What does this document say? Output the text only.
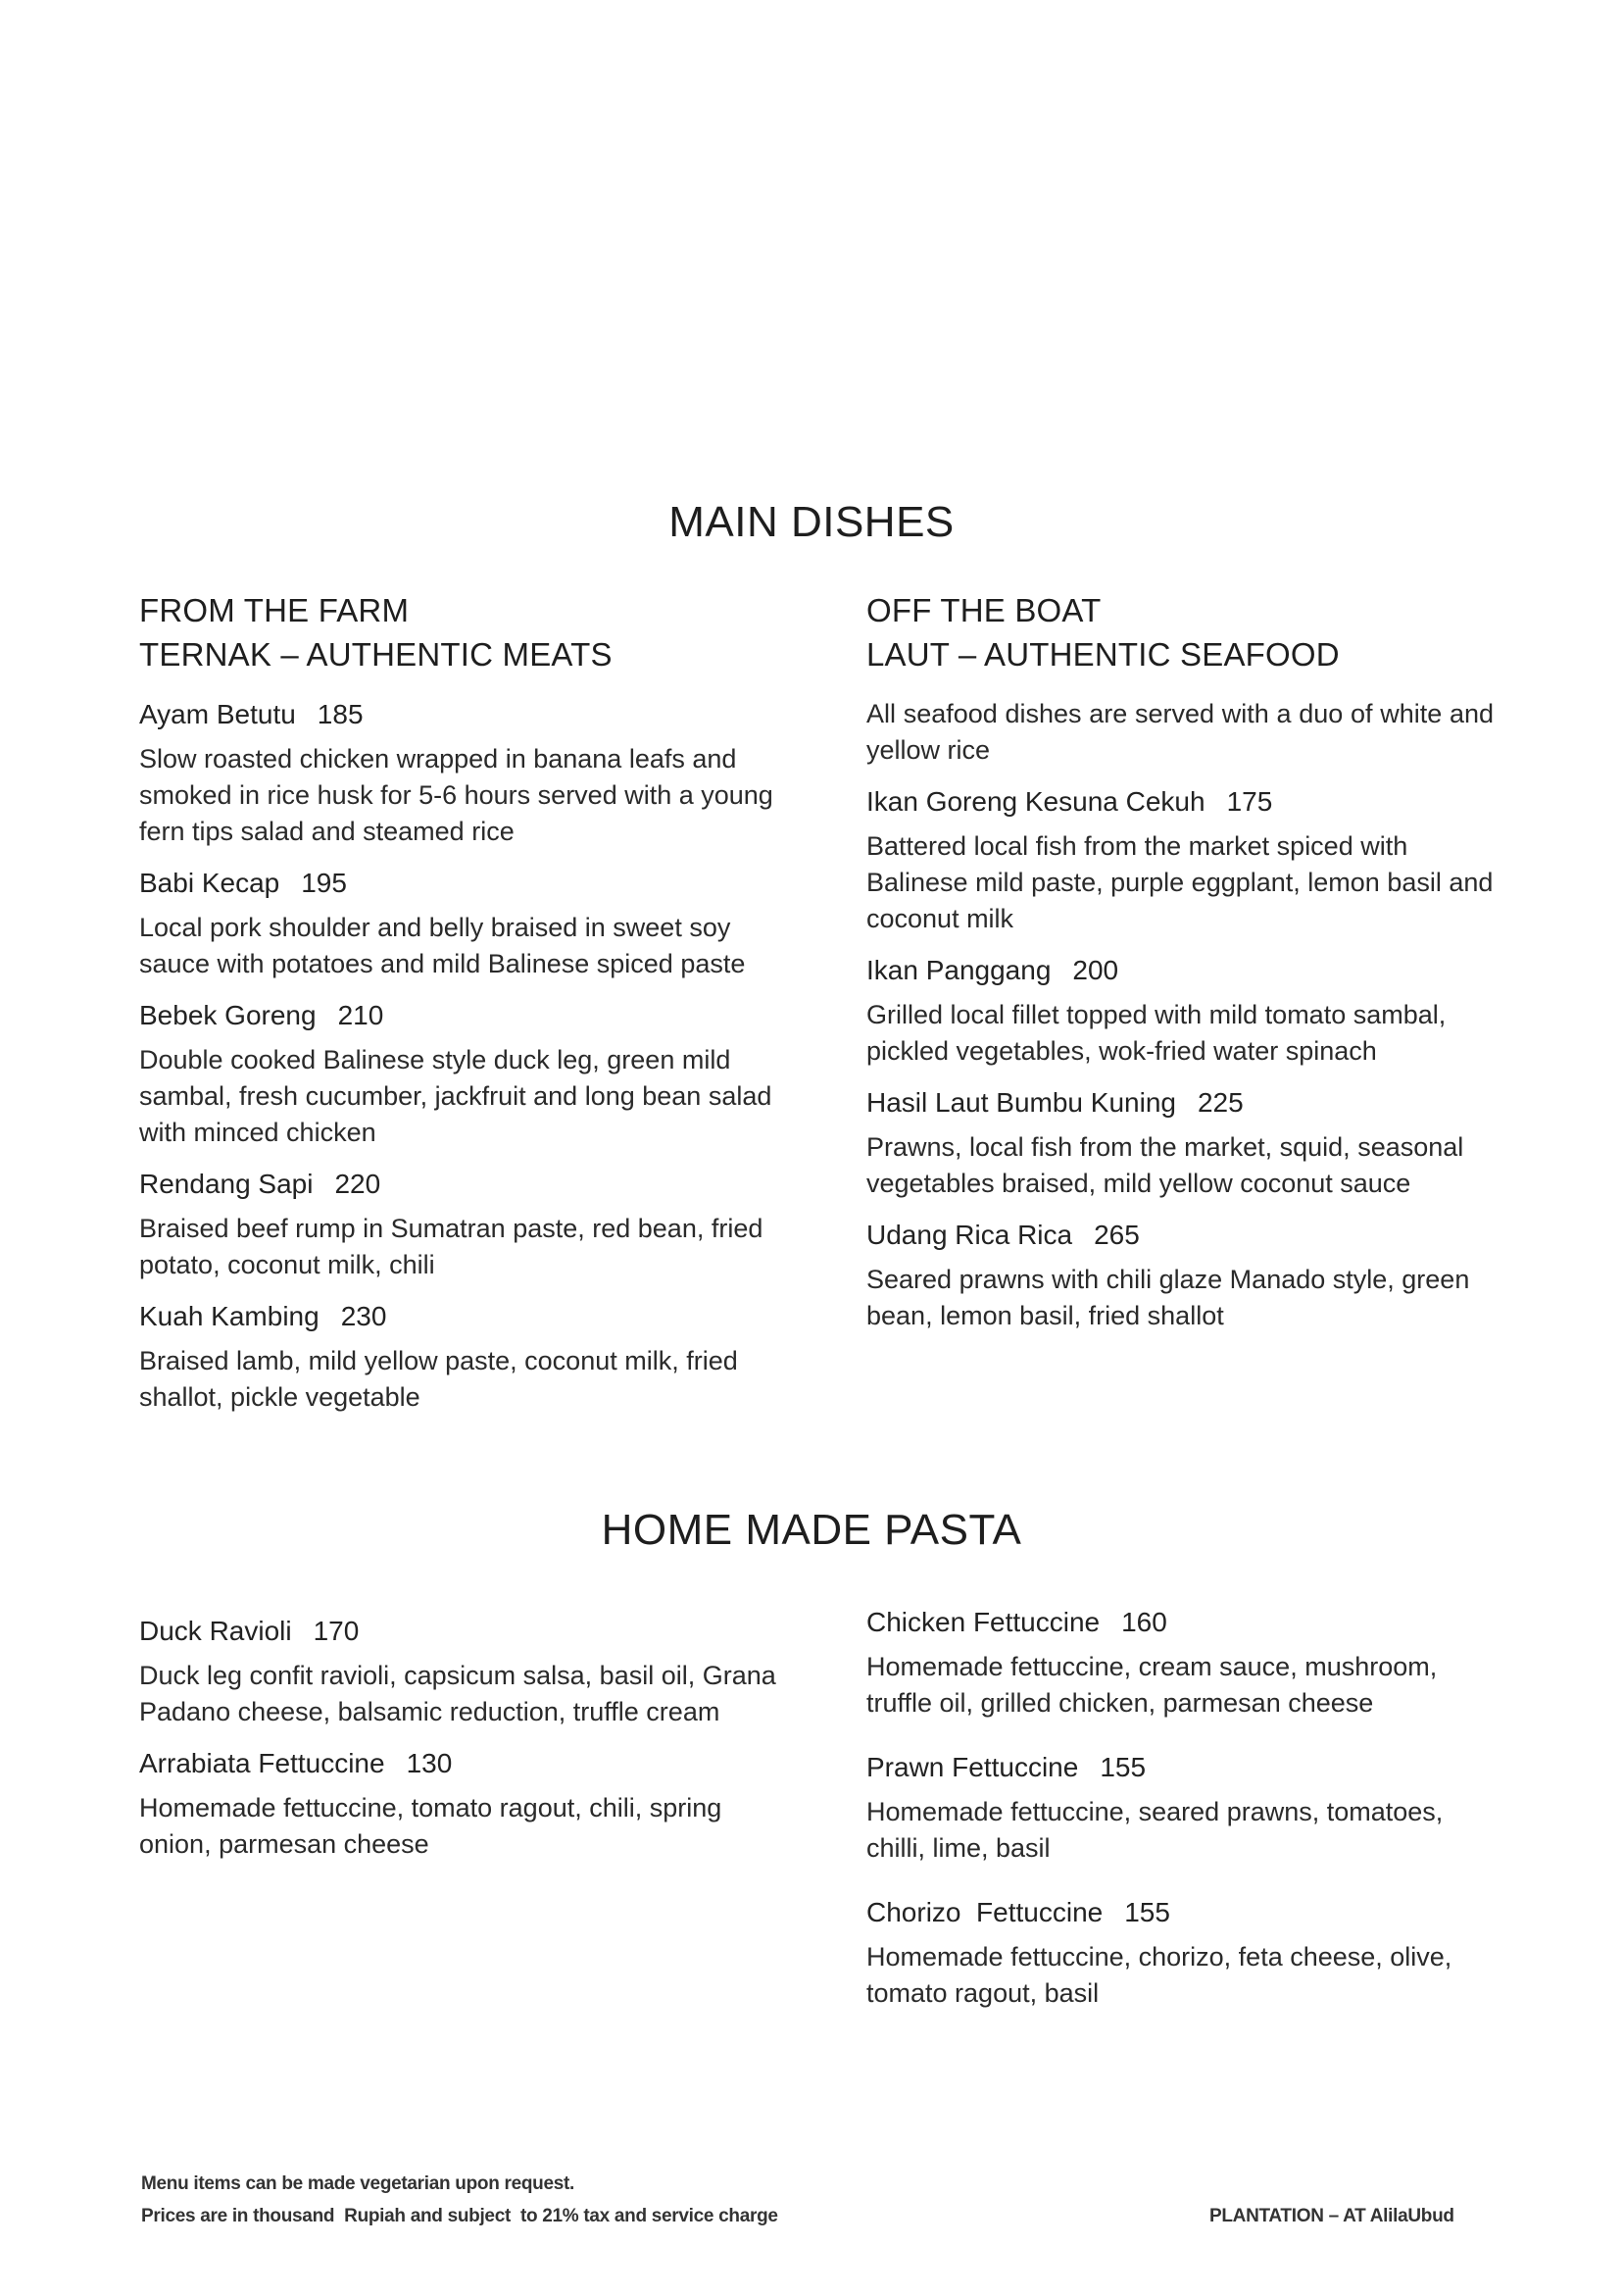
MAIN DISHES
FROM THE FARM
TERNAK – AUTHENTIC MEATS
Ayam Betutu 185
Slow roasted chicken wrapped in banana leafs and smoked in rice husk for 5-6 hours served with a young fern tips salad and steamed rice
Babi Kecap 195
Local pork shoulder and belly braised in sweet soy sauce with potatoes and mild Balinese spiced paste
Bebek Goreng 210
Double cooked Balinese style duck leg, green mild sambal, fresh cucumber, jackfruit and long bean salad with minced chicken
Rendang Sapi 220
Braised beef rump in Sumatran paste, red bean, fried potato, coconut milk, chili
Kuah Kambing 230
Braised lamb, mild yellow paste, coconut milk, fried shallot, pickle vegetable
OFF THE BOAT
LAUT – AUTHENTIC SEAFOOD
All seafood dishes are served with a duo of white and yellow rice
Ikan Goreng Kesuna Cekuh 175
Battered local fish from the market spiced with Balinese mild paste, purple eggplant, lemon basil and coconut milk
Ikan Panggang 200
Grilled local fillet topped with mild tomato sambal, pickled vegetables, wok-fried water spinach
Hasil Laut Bumbu Kuning 225
Prawns, local fish from the market, squid, seasonal vegetables braised, mild yellow coconut sauce
Udang Rica Rica 265
Seared prawns with chili glaze Manado style, green bean, lemon basil, fried shallot
HOME MADE PASTA
Duck Ravioli 170
Duck leg confit ravioli, capsicum salsa, basil oil, Grana Padano cheese, balsamic reduction, truffle cream
Arrabiata Fettuccine 130
Homemade fettuccine, tomato ragout, chili, spring onion, parmesan cheese
Chicken Fettuccine 160
Homemade fettuccine, cream sauce, mushroom, truffle oil, grilled chicken, parmesan cheese
Prawn Fettuccine 155
Homemade fettuccine, seared prawns, tomatoes, chilli, lime, basil
Chorizo  Fettuccine 155
Homemade fettuccine, chorizo, feta cheese, olive, tomato ragout, basil
Menu items can be made vegetarian upon request.
Prices are in thousand  Rupiah and subject  to 21% tax and service charge	PLANTATION – AT AlilaUbud
